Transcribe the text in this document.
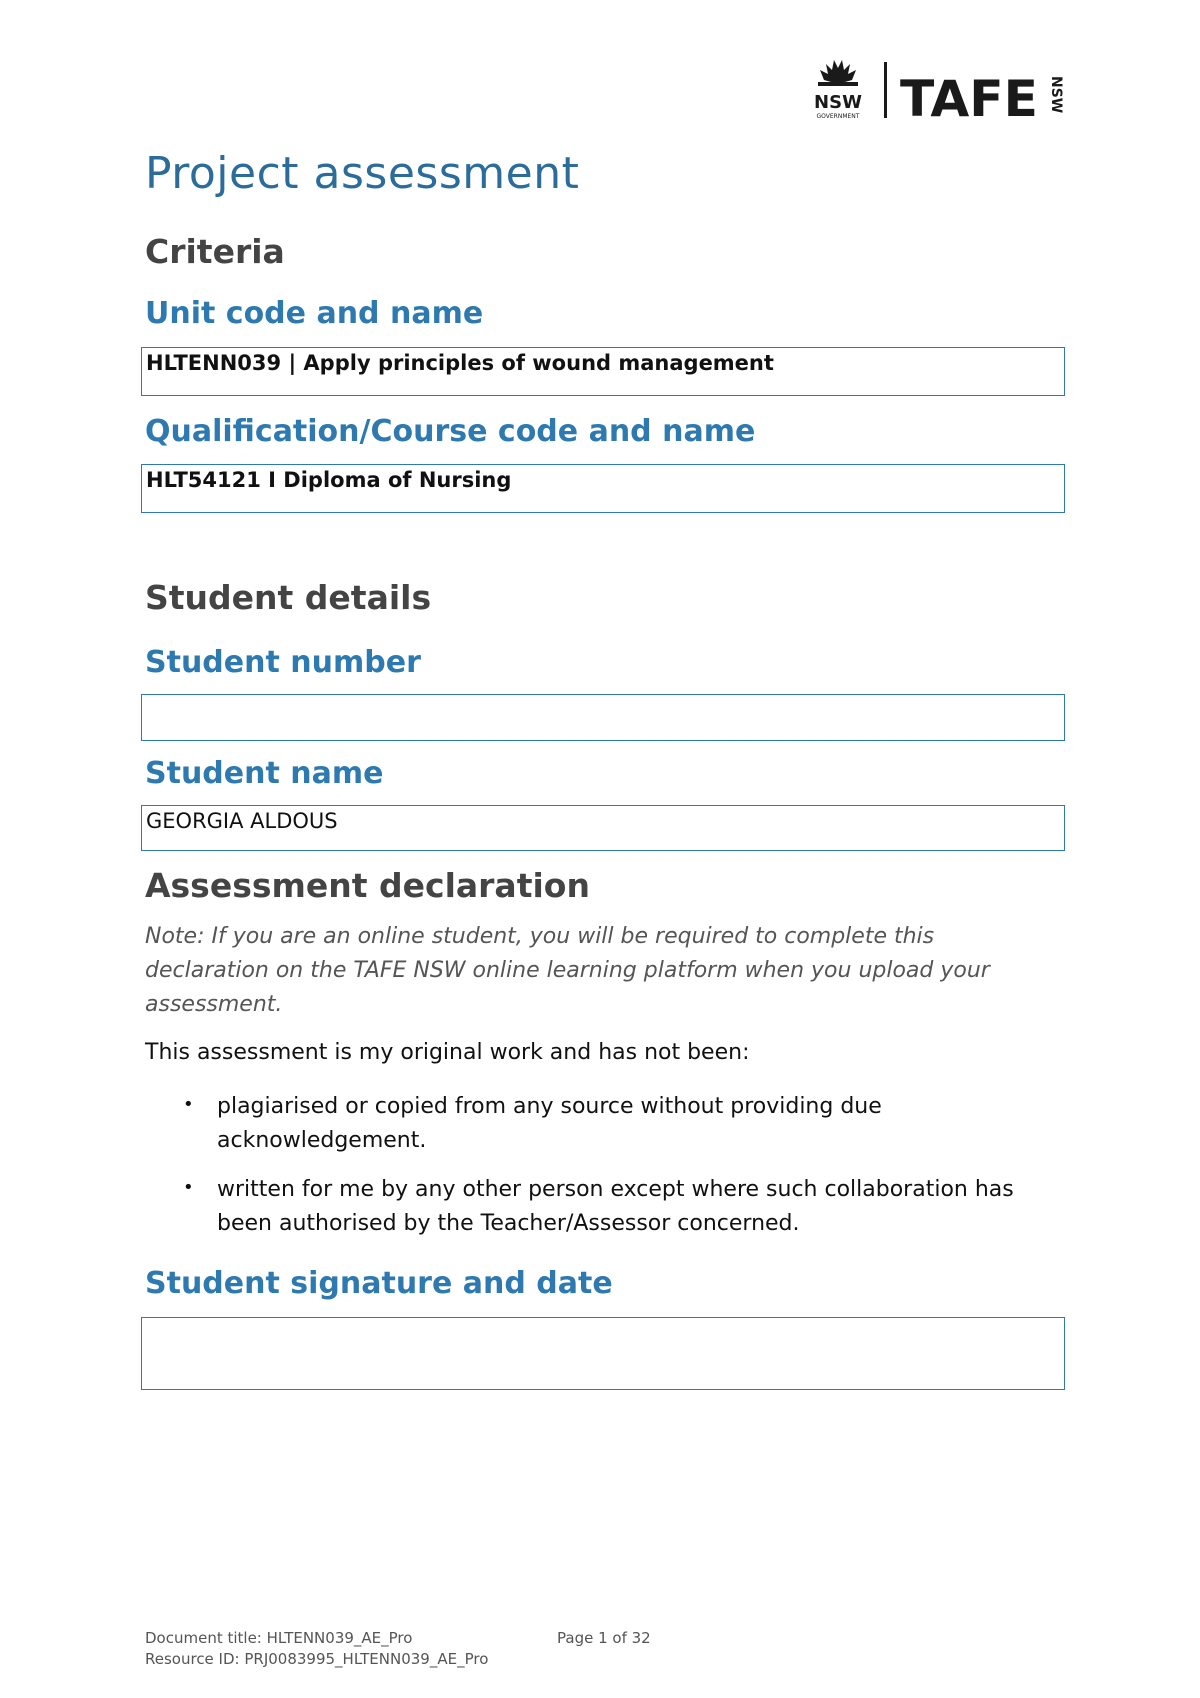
NSW
GOVERNMENT TAFE NSW
Project assessment
Criteria
Unit code and name
HLTENN039 | Apply principles of wound management
Qualification/Course code and name
HLT54121 I Diploma of Nursing
Student details
Student number
Student name
GEORGIA ALDOUS
Assessment declaration

Note: If you are an online student, you will be required to complete this declaration on the TAFE NSW online learning platform when you upload your assessment.

This assessment is my original work and has not been:

• plagiarised or copied from any source without providing due acknowledgement.
• written for me by any other person except where such collaboration has been authorised by the Teacher/Assessor concerned.
Student signature and date
Document title: HLTENN039_AE_Pro
Resource ID: PRJ0083995_HLTENN039_AE_Pro
Page 1 of 32
